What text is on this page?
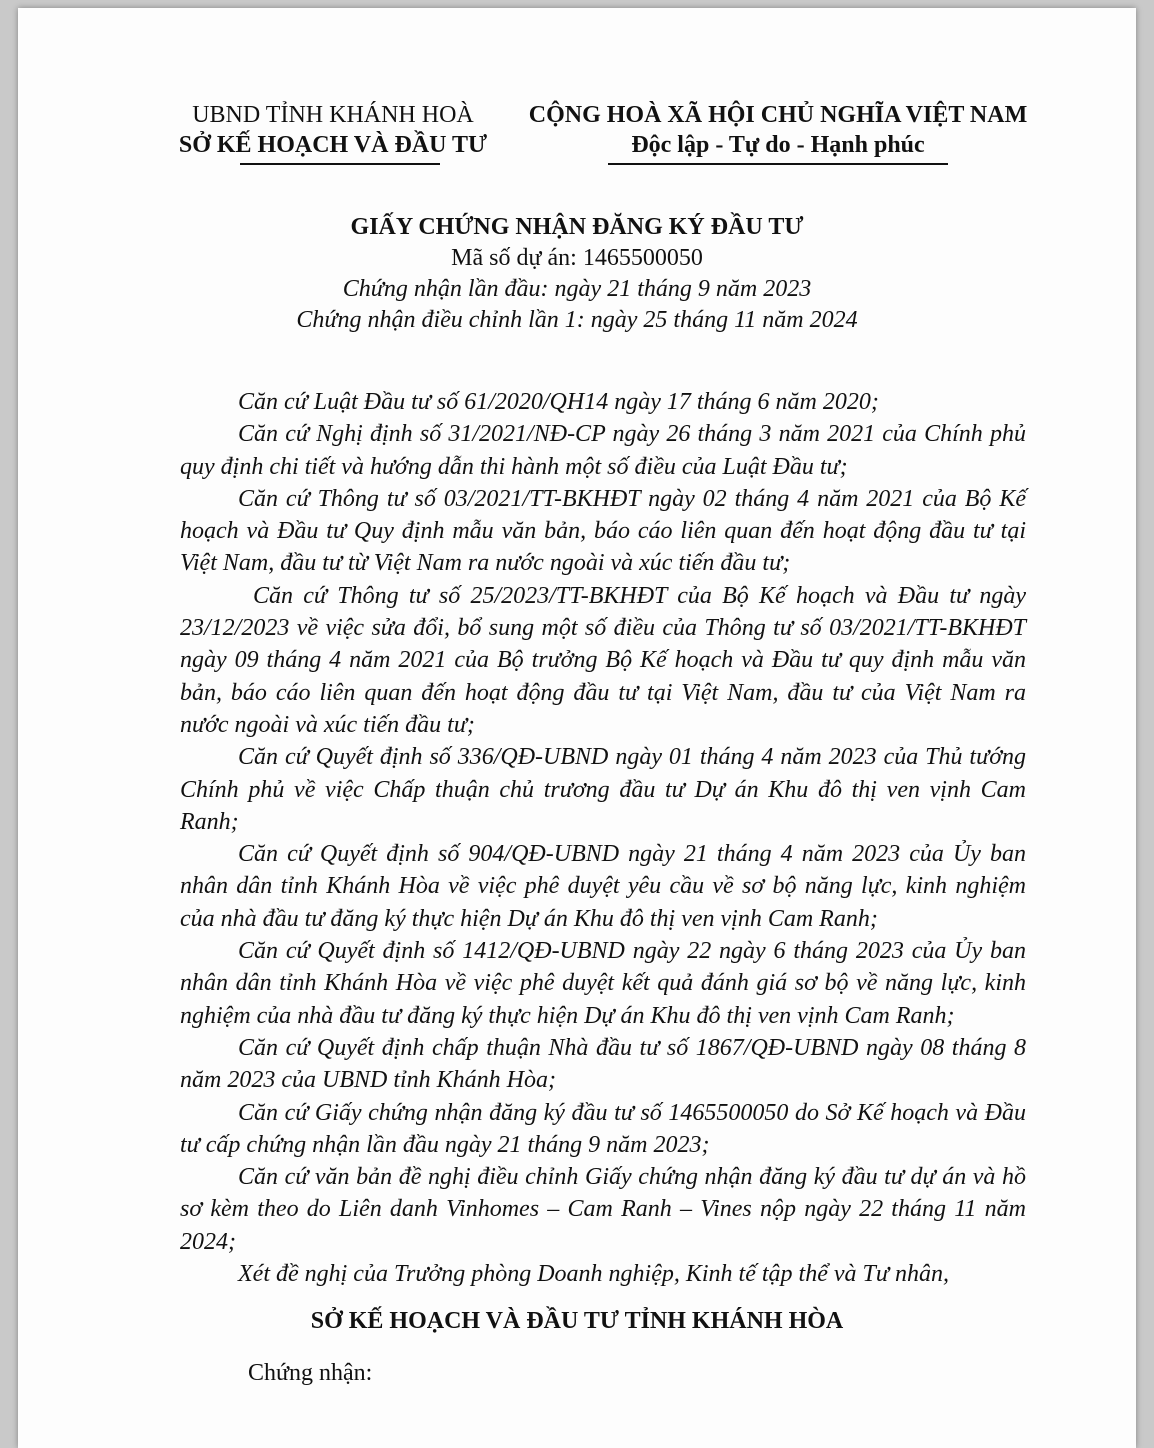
UBND TỈNH KHÁNH HOÀ
SỞ KẾ HOẠCH VÀ ĐẦU TƯ
CỘNG HOÀ XÃ HỘI CHỦ NGHĨA VIỆT NAM
Độc lập - Tự do - Hạnh phúc
GIẤY CHỨNG NHẬN ĐĂNG KÝ ĐẦU TƯ
Mã số dự án: 1465500050
Chứng nhận lần đầu: ngày 21 tháng 9 năm 2023
Chứng nhận điều chỉnh lần 1: ngày 25 tháng 11 năm 2024

Căn cứ Luật Đầu tư số 61/2020/QH14 ngày 17 tháng 6 năm 2020;

Căn cứ Nghị định số 31/2021/NĐ-CP ngày 26 tháng 3 năm 2021 của Chính phủ quy định chi tiết và hướng dẫn thi hành một số điều của Luật Đầu tư;

Căn cứ Thông tư số 03/2021/TT-BKHĐT ngày 02 tháng 4 năm 2021 của Bộ Kế hoạch và Đầu tư Quy định mẫu văn bản, báo cáo liên quan đến hoạt động đầu tư tại Việt Nam, đầu tư từ Việt Nam ra nước ngoài và xúc tiến đầu tư;

Căn cứ Thông tư số 25/2023/TT-BKHĐT của Bộ Kế hoạch và Đầu tư ngày 23/12/2023 về việc sửa đổi, bổ sung một số điều của Thông tư số 03/2021/TT-BKHĐT ngày 09 tháng 4 năm 2021 của Bộ trưởng Bộ Kế hoạch và Đầu tư quy định mẫu văn bản, báo cáo liên quan đến hoạt động đầu tư tại Việt Nam, đầu tư của Việt Nam ra nước ngoài và xúc tiến đầu tư;

Căn cứ Quyết định số 336/QĐ-UBND ngày 01 tháng 4 năm 2023 của Thủ tướng Chính phủ về việc Chấp thuận chủ trương đầu tư Dự án Khu đô thị ven vịnh Cam Ranh;

Căn cứ Quyết định số 904/QĐ-UBND ngày 21 tháng 4 năm 2023 của Ủy ban nhân dân tỉnh Khánh Hòa về việc phê duyệt yêu cầu về sơ bộ năng lực, kinh nghiệm của nhà đầu tư đăng ký thực hiện Dự án Khu đô thị ven vịnh Cam Ranh;

Căn cứ Quyết định số 1412/QĐ-UBND ngày 22 ngày 6 tháng 2023 của Ủy ban nhân dân tỉnh Khánh Hòa về việc phê duyệt kết quả đánh giá sơ bộ về năng lực, kinh nghiệm của nhà đầu tư đăng ký thực hiện Dự án Khu đô thị ven vịnh Cam Ranh;

Căn cứ Quyết định chấp thuận Nhà đầu tư số 1867/QĐ-UBND ngày 08 tháng 8 năm 2023 của UBND tỉnh Khánh Hòa;

Căn cứ Giấy chứng nhận đăng ký đầu tư số 1465500050 do Sở Kế hoạch và Đầu tư cấp chứng nhận lần đầu ngày 21 tháng 9 năm 2023;

Căn cứ văn bản đề nghị điều chỉnh Giấy chứng nhận đăng ký đầu tư dự án và hồ sơ kèm theo do Liên danh Vinhomes – Cam Ranh – Vines nộp ngày 22 tháng 11 năm 2024;

Xét đề nghị của Trưởng phòng Doanh nghiệp, Kinh tế tập thể và Tư nhân,

SỞ KẾ HOẠCH VÀ ĐẦU TƯ TỈNH KHÁNH HÒA
Chứng nhận:
